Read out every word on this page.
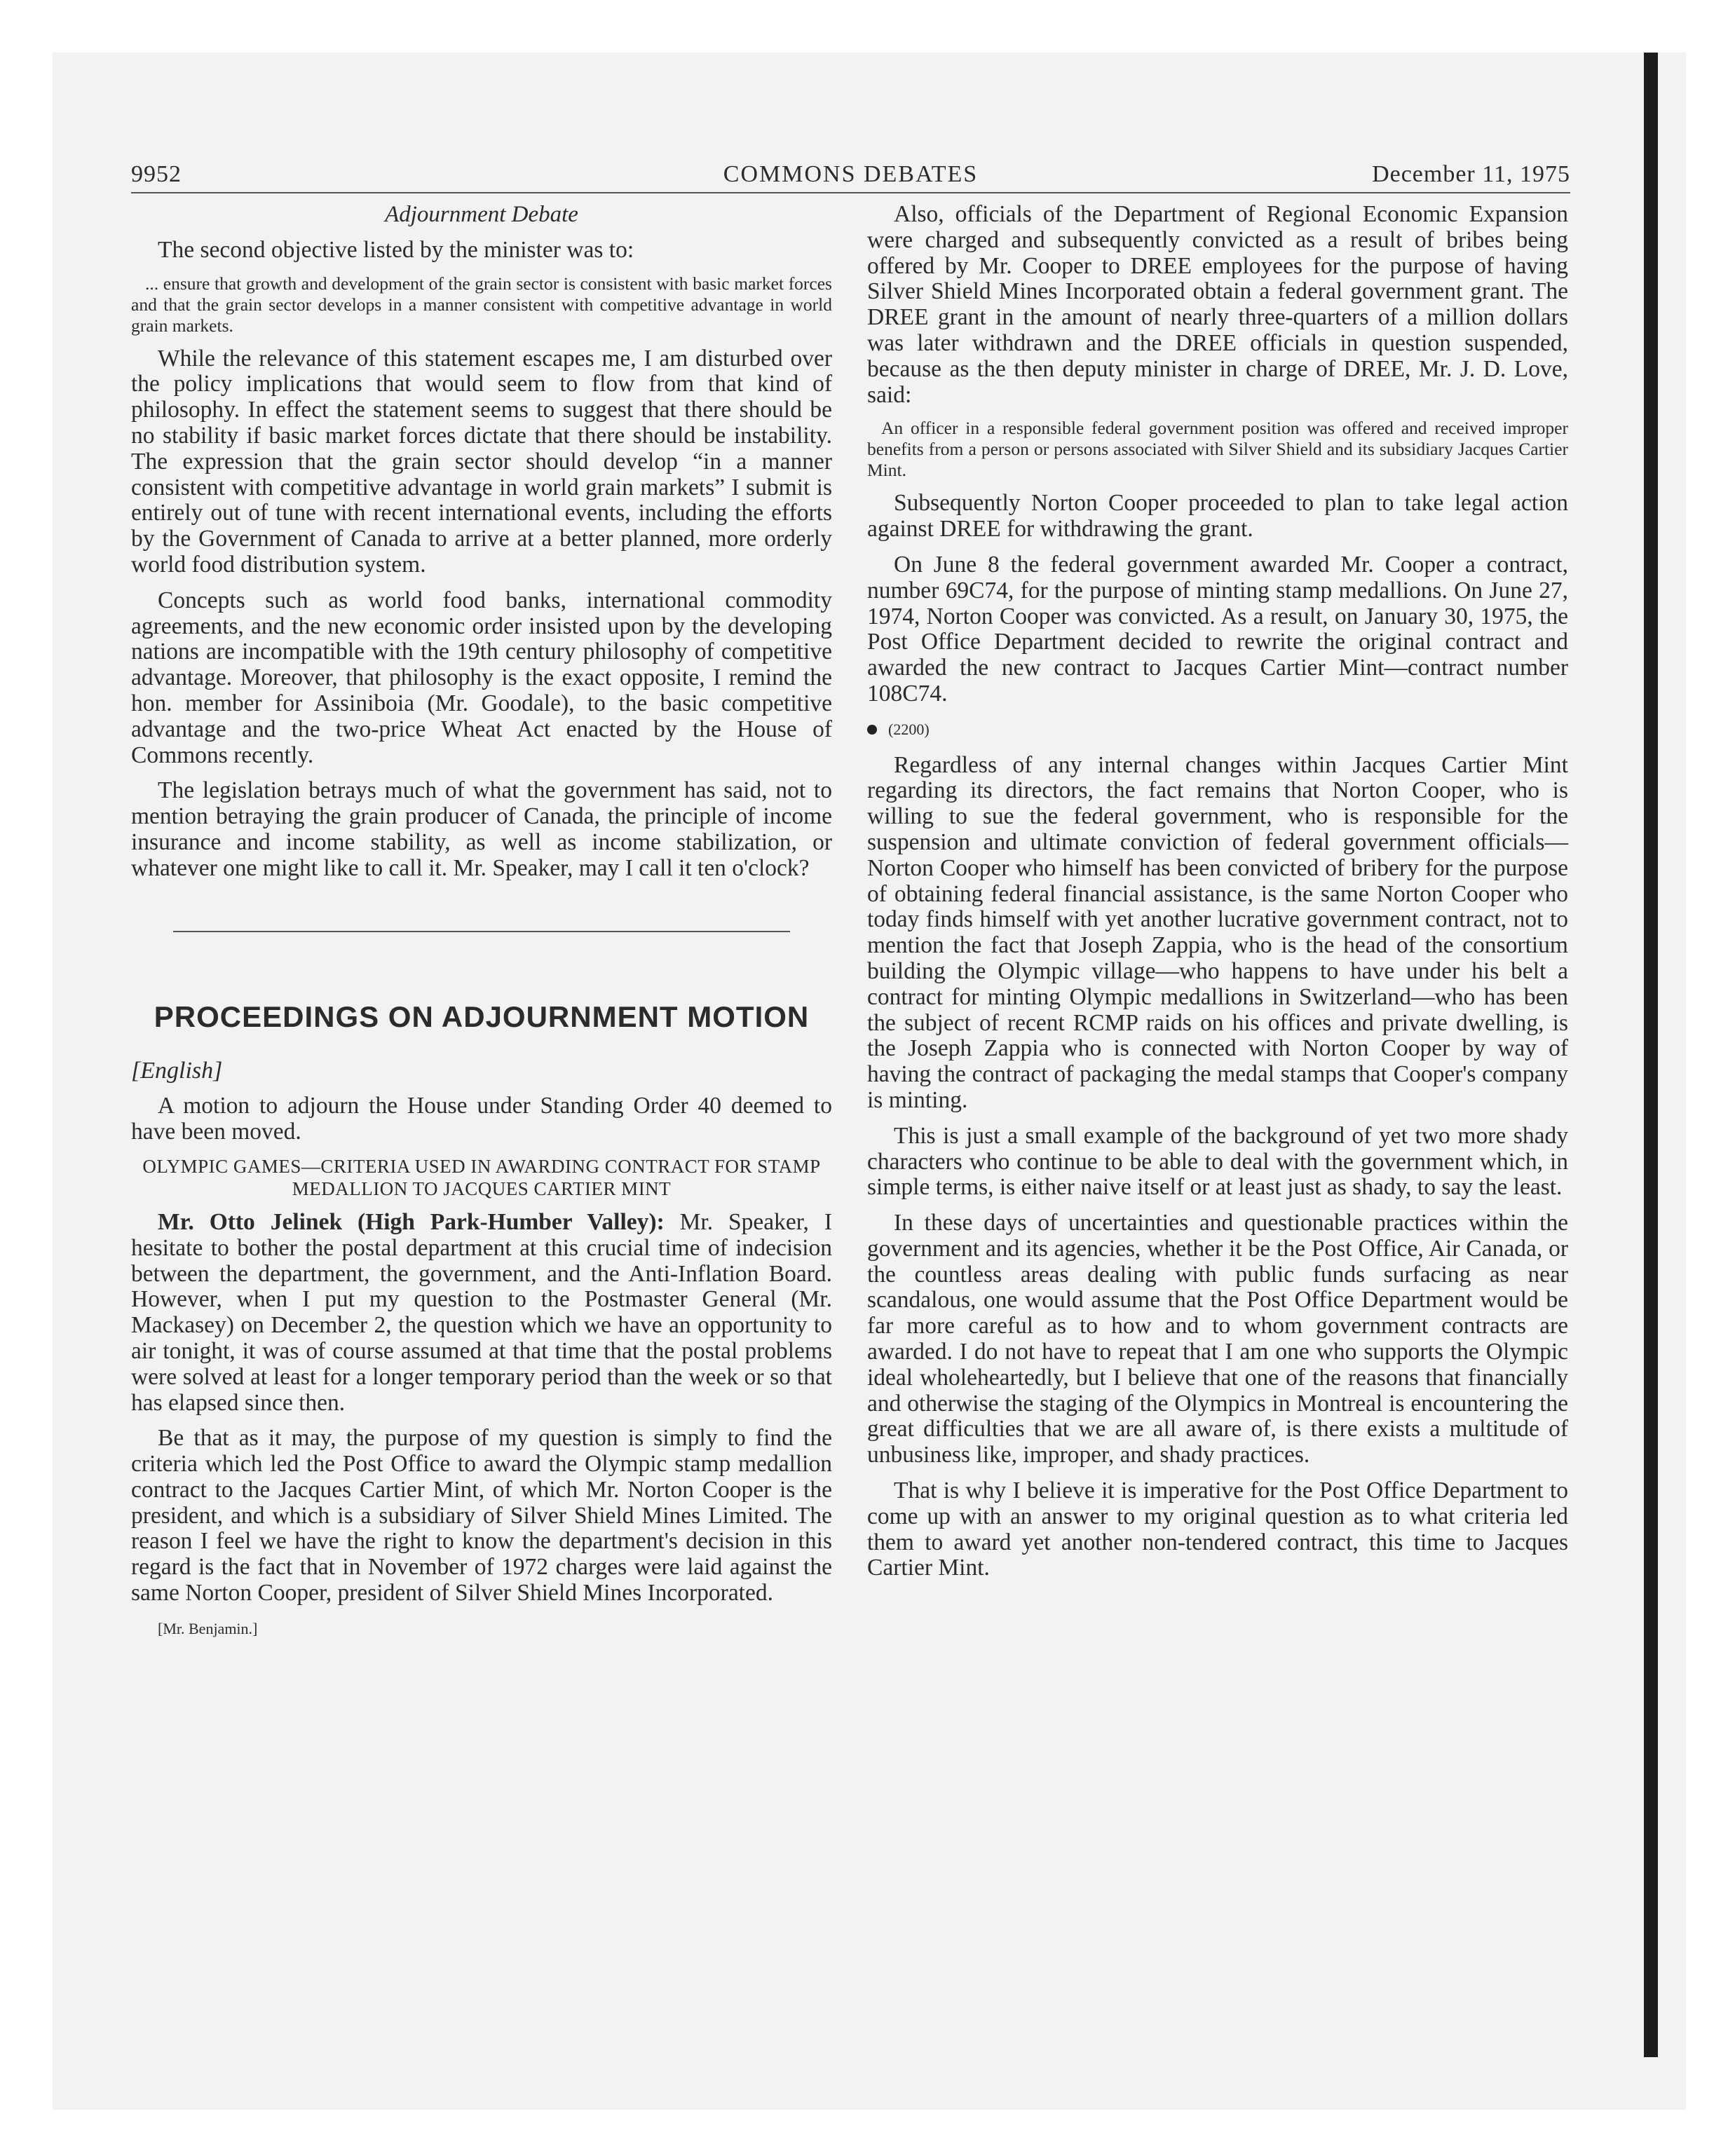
9952	COMMONS DEBATES	December 11, 1975

Adjournment Debate

The second objective listed by the minister was to:

... ensure that growth and development of the grain sector is consistent with basic market forces and that the grain sector develops in a manner consistent with competitive advantage in world grain markets.

While the relevance of this statement escapes me, I am disturbed over the policy implications that would seem to flow from that kind of philosophy. In effect the statement seems to suggest that there should be no stability if basic market forces dictate that there should be instability. The expression that the grain sector should develop “in a manner consistent with competitive advantage in world grain markets” I submit is entirely out of tune with recent international events, including the efforts by the Government of Canada to arrive at a better planned, more orderly world food distribution system.

Concepts such as world food banks, international commodity agreements, and the new economic order insisted upon by the developing nations are incompatible with the 19th century philosophy of competitive advantage. Moreover, that philosophy is the exact opposite, I remind the hon. member for Assiniboia (Mr. Goodale), to the basic competitive advantage and the two-price Wheat Act enacted by the House of Commons recently.

The legislation betrays much of what the government has said, not to mention betraying the grain producer of Canada, the principle of income insurance and income stability, as well as income stabilization, or whatever one might like to call it. Mr. Speaker, may I call it ten o'clock?

PROCEEDINGS ON ADJOURNMENT MOTION

[English]

A motion to adjourn the House under Standing Order 40 deemed to have been moved.

OLYMPIC GAMES—CRITERIA USED IN AWARDING CONTRACT FOR STAMP MEDALLION TO JACQUES CARTIER MINT

Mr. Otto Jelinek (High Park-Humber Valley): Mr. Speaker, I hesitate to bother the postal department at this crucial time of indecision between the department, the government, and the Anti-Inflation Board. However, when I put my question to the Postmaster General (Mr. Mackasey) on December 2, the question which we have an opportunity to air tonight, it was of course assumed at that time that the postal problems were solved at least for a longer temporary period than the week or so that has elapsed since then.

Be that as it may, the purpose of my question is simply to find the criteria which led the Post Office to award the Olympic stamp medallion contract to the Jacques Cartier Mint, of which Mr. Norton Cooper is the president, and which is a subsidiary of Silver Shield Mines Limited. The reason I feel we have the right to know the department's decision in this regard is the fact that in November of 1972 charges were laid against the same Norton Cooper, president of Silver Shield Mines Incorporated.

[Mr. Benjamin.]

Also, officials of the Department of Regional Economic Expansion were charged and subsequently convicted as a result of bribes being offered by Mr. Cooper to DREE employees for the purpose of having Silver Shield Mines Incorporated obtain a federal government grant. The DREE grant in the amount of nearly three-quarters of a million dollars was later withdrawn and the DREE officials in question suspended, because as the then deputy minister in charge of DREE, Mr. J. D. Love, said:

An officer in a responsible federal government position was offered and received improper benefits from a person or persons associated with Silver Shield and its subsidiary Jacques Cartier Mint.

Subsequently Norton Cooper proceeded to plan to take legal action against DREE for withdrawing the grant.

On June 8 the federal government awarded Mr. Cooper a contract, number 69C74, for the purpose of minting stamp medallions. On June 27, 1974, Norton Cooper was convicted. As a result, on January 30, 1975, the Post Office Department decided to rewrite the original contract and awarded the new contract to Jacques Cartier Mint—contract number 108C74.

(2200)

Regardless of any internal changes within Jacques Cartier Mint regarding its directors, the fact remains that Norton Cooper, who is willing to sue the federal government, who is responsible for the suspension and ultimate conviction of federal government officials—Norton Cooper who himself has been convicted of bribery for the purpose of obtaining federal financial assistance, is the same Norton Cooper who today finds himself with yet another lucrative government contract, not to mention the fact that Joseph Zappia, who is the head of the consortium building the Olympic village—who happens to have under his belt a contract for minting Olympic medallions in Switzerland—who has been the subject of recent RCMP raids on his offices and private dwelling, is the Joseph Zappia who is connected with Norton Cooper by way of having the contract of packaging the medal stamps that Cooper's company is minting.

This is just a small example of the background of yet two more shady characters who continue to be able to deal with the government which, in simple terms, is either naive itself or at least just as shady, to say the least.

In these days of uncertainties and questionable practices within the government and its agencies, whether it be the Post Office, Air Canada, or the countless areas dealing with public funds surfacing as near scandalous, one would assume that the Post Office Department would be far more careful as to how and to whom government contracts are awarded. I do not have to repeat that I am one who supports the Olympic ideal wholeheartedly, but I believe that one of the reasons that financially and otherwise the staging of the Olympics in Montreal is encountering the great difficulties that we are all aware of, is there exists a multitude of unbusiness like, improper, and shady practices.

That is why I believe it is imperative for the Post Office Department to come up with an answer to my original question as to what criteria led them to award yet another non-tendered contract, this time to Jacques Cartier Mint.
